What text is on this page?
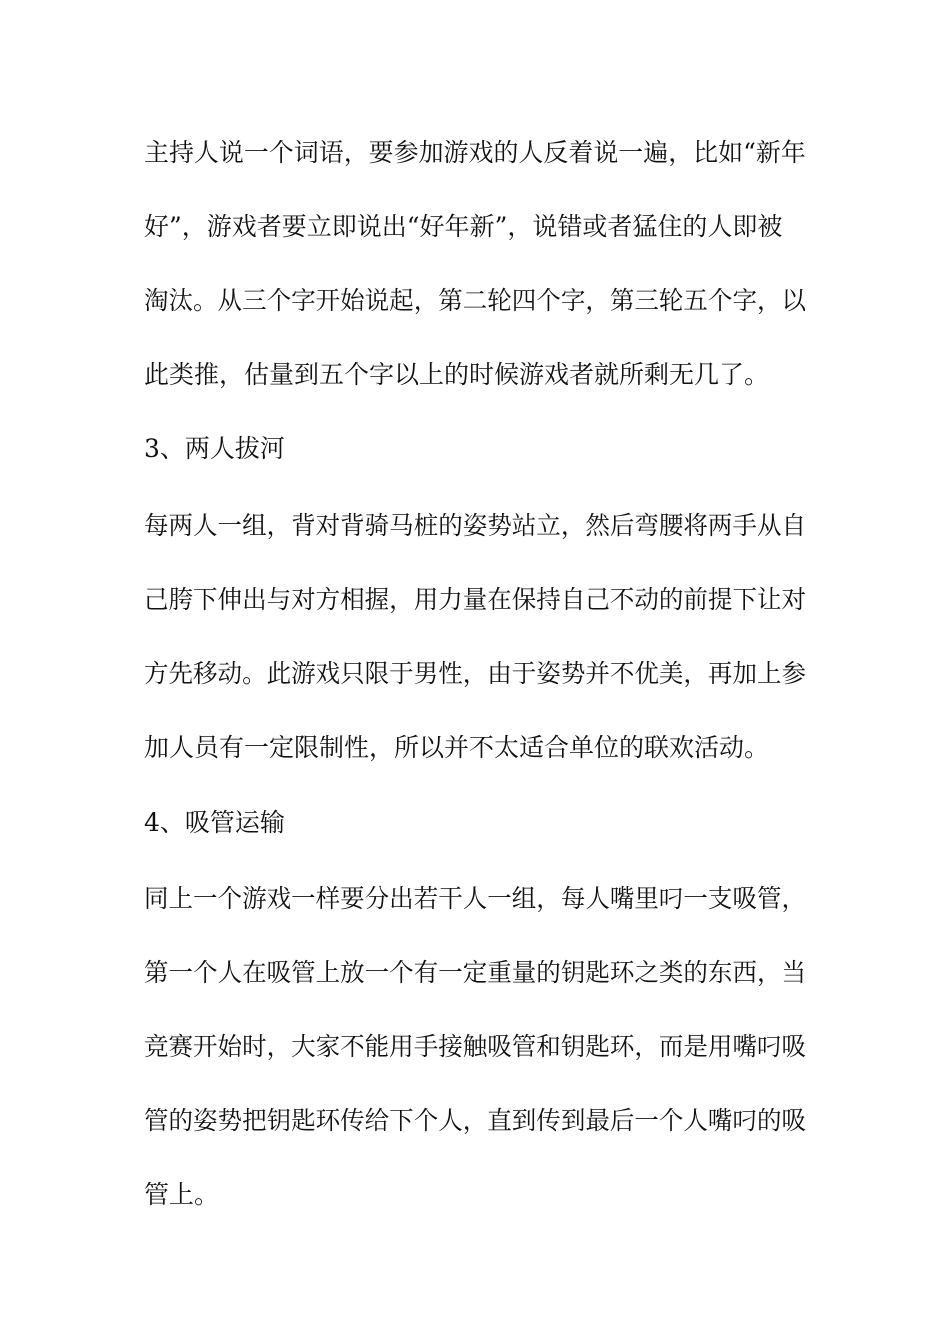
主持人说一个词语，要参加游戏的人反着说一遍，比如“新年

好”，游戏者要立即说出“好年新”，说错或者猛住的人即被

淘汰。从三个字开始说起，第二轮四个字，第三轮五个字，以

此类推，估量到五个字以上的时候游戏者就所剩无几了。

3、两人拔河

每两人一组，背对背骑马桩的姿势站立，然后弯腰将两手从自

己胯下伸出与对方相握，用力量在保持自己不动的前提下让对

方先移动。此游戏只限于男性，由于姿势并不优美，再加上参

加人员有一定限制性，所以并不太适合单位的联欢活动。

4、吸管运输

同上一个游戏一样要分出若干人一组，每人嘴里叼一支吸管，

第一个人在吸管上放一个有一定重量的钥匙环之类的东西，当

竞赛开始时，大家不能用手接触吸管和钥匙环，而是用嘴叼吸

管的姿势把钥匙环传给下个人，直到传到最后一个人嘴叼的吸

管上。
